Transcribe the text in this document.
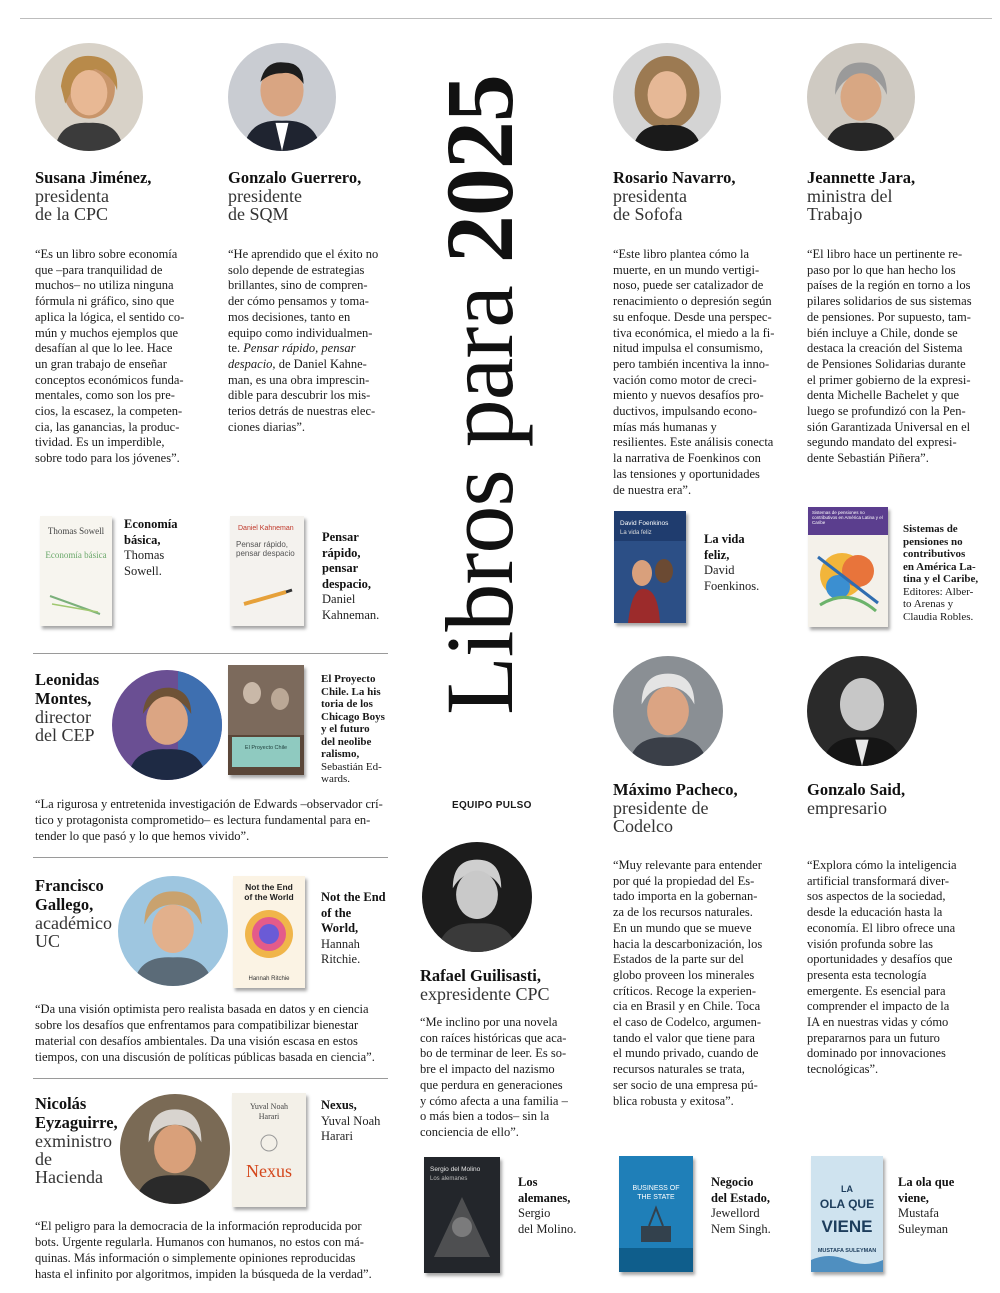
Libros para 2025
EQUIPO PULSO
Susana Jiménez,
presidenta
de la CPC
“Es un libro sobre economía
que –para tranquilidad de
muchos– no utiliza ninguna
fórmula ni gráfico, sino que
aplica la lógica, el sentido co-
mún y muchos ejemplos que
desafían al que lo lee. Hace
un gran trabajo de enseñar
conceptos económicos funda-
mentales, como son los pre-
cios, la escasez, la competen-
cia, las ganancias, la produc-
tividad. Es un imperdible,
sobre todo para los jóvenes”.
Thomas Sowell
Economía básica
Economía
básica,
Thomas
Sowell.
Gonzalo Guerrero,
presidente
de SQM
“He aprendido que el éxito no
solo depende de estrategias
brillantes, sino de compren-
der cómo pensamos y toma-
mos decisiones, tanto en
equipo como individualmen-
te. Pensar rápido, pensar
despacio, de Daniel Kahne-
man, es una obra imprescin-
dible para descubrir los mis-
terios detrás de nuestras elec-
ciones diarias”.
Daniel Kahneman
Pensar rápido, pensar despacio
Pensar
rápido,
pensar
despacio,
Daniel
Kahneman.
Rosario Navarro,
presidenta
de Sofofa
“Este libro plantea cómo la
muerte, en un mundo vertigi-
noso, puede ser catalizador de
renacimiento o depresión según
su enfoque. Desde una perspec-
tiva económica, el miedo a la fi-
nitud impulsa el consumismo,
pero también incentiva la inno-
vación como motor de creci-
miento y nuevos desafíos pro-
ductivos, impulsando econo-
mías más humanas y
resilientes. Este análisis conecta
la narrativa de Foenkinos con
las tensiones y oportunidades
de nuestra era”.
David Foenkinos
La vida feliz	La vida
feliz,
David
Foenkinos.
Jeannette Jara,
ministra del
Trabajo
“El libro hace un pertinente re-
paso por lo que han hecho los
países de la región en torno a los
pilares solidarios de sus sistemas
de pensiones. Por supuesto, tam-
bién incluye a Chile, donde se
destaca la creación del Sistema
de Pensiones Solidarias durante
el primer gobierno de la expresi-
denta Michelle Bachelet y que
luego se profundizó con la Pen-
sión Garantizada Universal en el
segundo mandato del expresi-
dente Sebastián Piñera”.
Sistemas de pensiones no contributivos en América Latina y el Caribe
Sistemas de
pensiones no
contributivos
en América La-
tina y el Caribe,
Editores: Alber-
to Arenas y
Claudia Robles.
Leonidas
Montes,
director
del CEP
El Proyecto Chile
El Proyecto
Chile. La his
toria de los
Chicago Boys
y el futuro
del neolibe
ralismo,
Sebastián Ed-
wards.
“La rigurosa y entretenida investigación de Edwards –observador crí-
tico y protagonista comprometido– es lectura fundamental para en-
tender lo que pasó y lo que hemos vivido”.
Francisco
Gallego,
académico
UC
Not the End
of the World
Hannah Ritchie
Not the End
of the
World,
Hannah
Ritchie.
“Da una visión optimista pero realista basada en datos y en ciencia
sobre los desafíos que enfrentamos para compatibilizar bienestar
material con desafíos ambientales. Da una visión escasa en estos
tiempos, con una discusión de políticas públicas basada en ciencia”.
Nicolás
Eyzaguirre,
exministro
de
Hacienda
Yuval Noah
Harari
Nexus
Nexus,
Yuval Noah
Harari
“El peligro para la democracia de la información reproducida por
bots. Urgente regularla. Humanos con humanos, no estos con má-
quinas. Más información o simplemente opiniones reproducidas
hasta el infinito por algoritmos, impiden la búsqueda de la verdad”.
Rafael Guilisasti,
expresidente CPC
“Me inclino por una novela
con raíces históricas que aca-
bo de terminar de leer. Es so-
bre el impacto del nazismo
que perdura en generaciones
y cómo afecta a una familia –
o más bien a todos– sin la
conciencia de ello”.
Sergio del Molino
Los alemanes	Los
alemanes,
Sergio
del Molino.
Máximo Pacheco,
presidente de
Codelco
“Muy relevante para entender
por qué la propiedad del Es-
tado importa en la gobernan-
za de los recursos naturales.
En un mundo que se mueve
hacia la descarbonización, los
Estados de la parte sur del
globo proveen los minerales
críticos. Recoge la experien-
cia en Brasil y en Chile. Toca
el caso de Codelco, argumen-
tando el valor que tiene para
el mundo privado, cuando de
recursos naturales se trata,
ser socio de una empresa pú-
blica robusta y exitosa”.
BUSINESS OF
THE STATE
Negocio
del Estado,
Jewellord
Nem Singh.
Gonzalo Said,
empresario
“Explora cómo la inteligencia
artificial transformará diver-
sos aspectos de la sociedad,
desde la educación hasta la
economía. El libro ofrece una
visión profunda sobre las
oportunidades y desafíos que
presenta esta tecnología
emergente. Es esencial para
comprender el impacto de la
IA en nuestras vidas y cómo
prepararnos para un futuro
dominado por innovaciones
tecnológicas”.
LA
OLA QUE
VIENE
MUSTAFA SULEYMAN
La ola que
viene,
Mustafa
Suleyman
